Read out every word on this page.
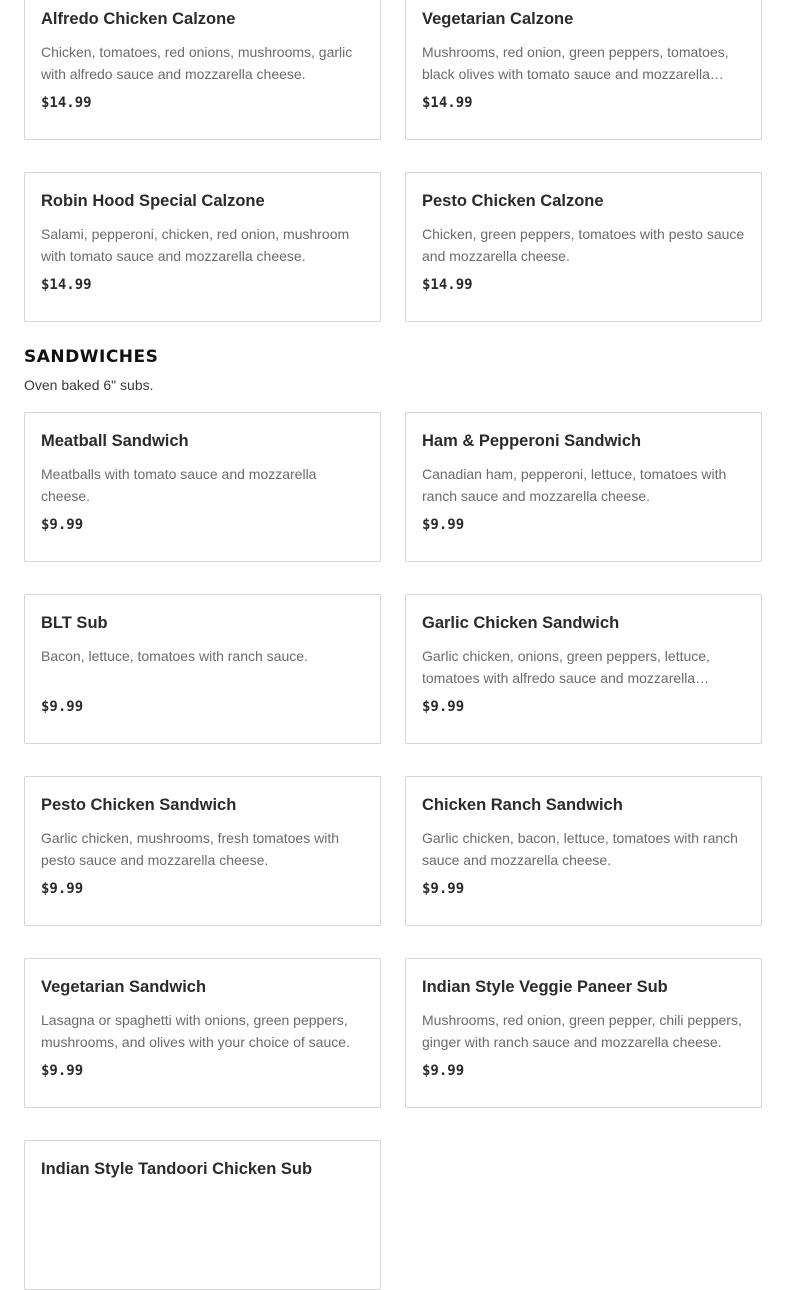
Alfredo Chicken Calzone
Chicken, tomatoes, red onions, mushrooms, garlic with alfredo sauce and mozzarella cheese.
$14.99
Vegetarian Calzone
Mushrooms, red onion, green peppers, tomatoes, black olives with tomato sauce and mozzarella
$14.99
Robin Hood Special Calzone
Salami, pepperoni, chicken, red onion, mushroom with tomato sauce and mozzarella cheese.
$14.99
Pesto Chicken Calzone
Chicken, green peppers, tomatoes with pesto sauce and mozzarella cheese.
$14.99
SANDWICHES
Oven baked 6" subs.
Meatball Sandwich
Meatballs with tomato sauce and mozzarella cheese.
$9.99
Ham & Pepperoni Sandwich
Canadian ham, pepperoni, lettuce, tomatoes with ranch sauce and mozzarella cheese.
$9.99
BLT Sub
Bacon, lettuce, tomatoes with ranch sauce.
$9.99
Garlic Chicken Sandwich
Garlic chicken, onions, green peppers, lettuce, tomatoes with alfredo sauce and mozzarella
$9.99
Pesto Chicken Sandwich
Garlic chicken, mushrooms, fresh tomatoes with pesto sauce and mozzarella cheese.
$9.99
Chicken Ranch Sandwich
Garlic chicken, bacon, lettuce, tomatoes with ranch sauce and mozzarella cheese.
$9.99
Vegetarian Sandwich
Lasagna or spaghetti with onions, green peppers, mushrooms, and olives with your choice of sauce.
$9.99
Indian Style Veggie Paneer Sub
Mushrooms, red onion, green pepper, chili peppers, ginger with ranch sauce and mozzarella cheese.
$9.99
Indian Style Tandoori Chicken Sub
